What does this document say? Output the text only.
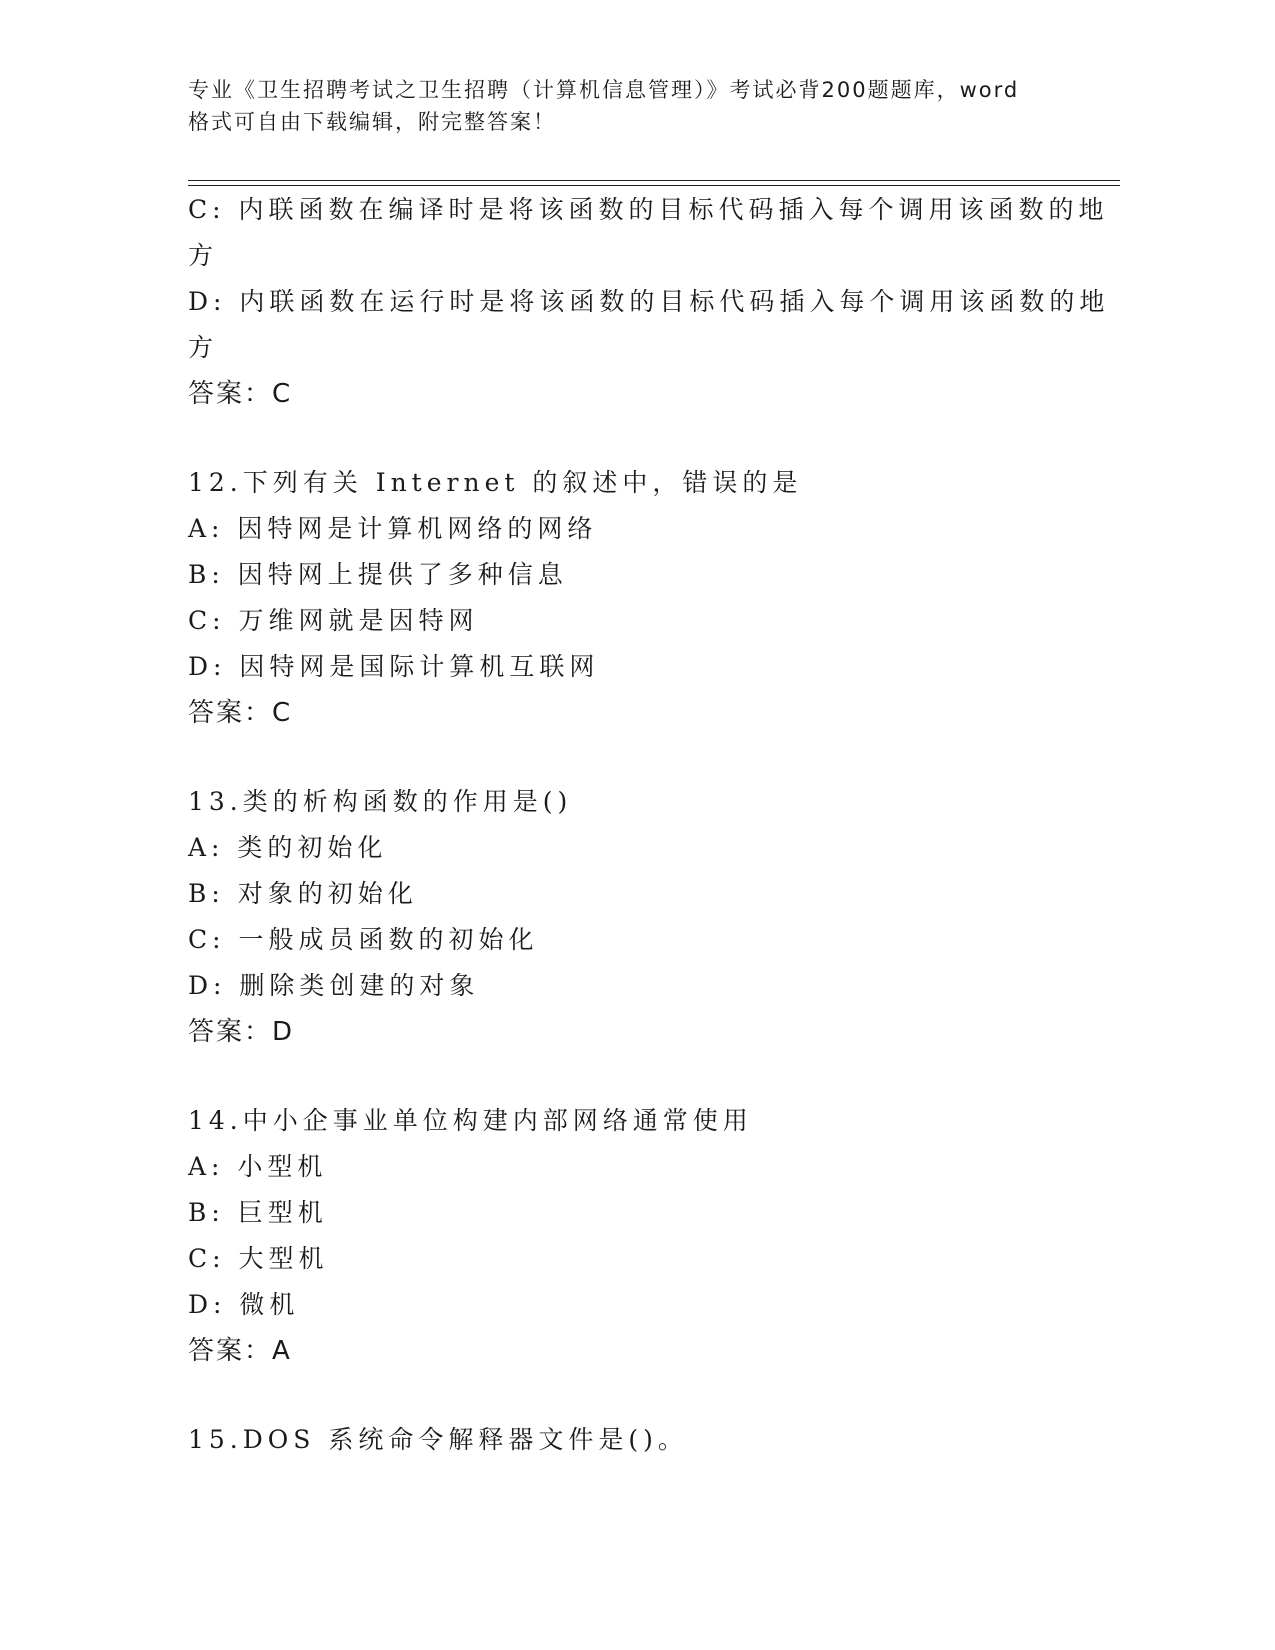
专业《卫生招聘考试之卫生招聘（计算机信息管理）》考试必背200题题库，word
格式可自由下载编辑，附完整答案！
C: 内联函数在编译时是将该函数的目标代码插入每个调用该函数的地
方
D: 内联函数在运行时是将该函数的目标代码插入每个调用该函数的地
方
答案：C
12.下列有关 Internet 的叙述中，错误的是
A: 因特网是计算机网络的网络
B: 因特网上提供了多种信息
C: 万维网就是因特网
D: 因特网是国际计算机互联网
答案：C
13.类的析构函数的作用是()
A: 类的初始化
B: 对象的初始化
C: 一般成员函数的初始化
D: 删除类创建的对象
答案：D
14.中小企事业单位构建内部网络通常使用
A: 小型机
B: 巨型机
C: 大型机
D: 微机
答案：A
15.DOS 系统命令解释器文件是()。
